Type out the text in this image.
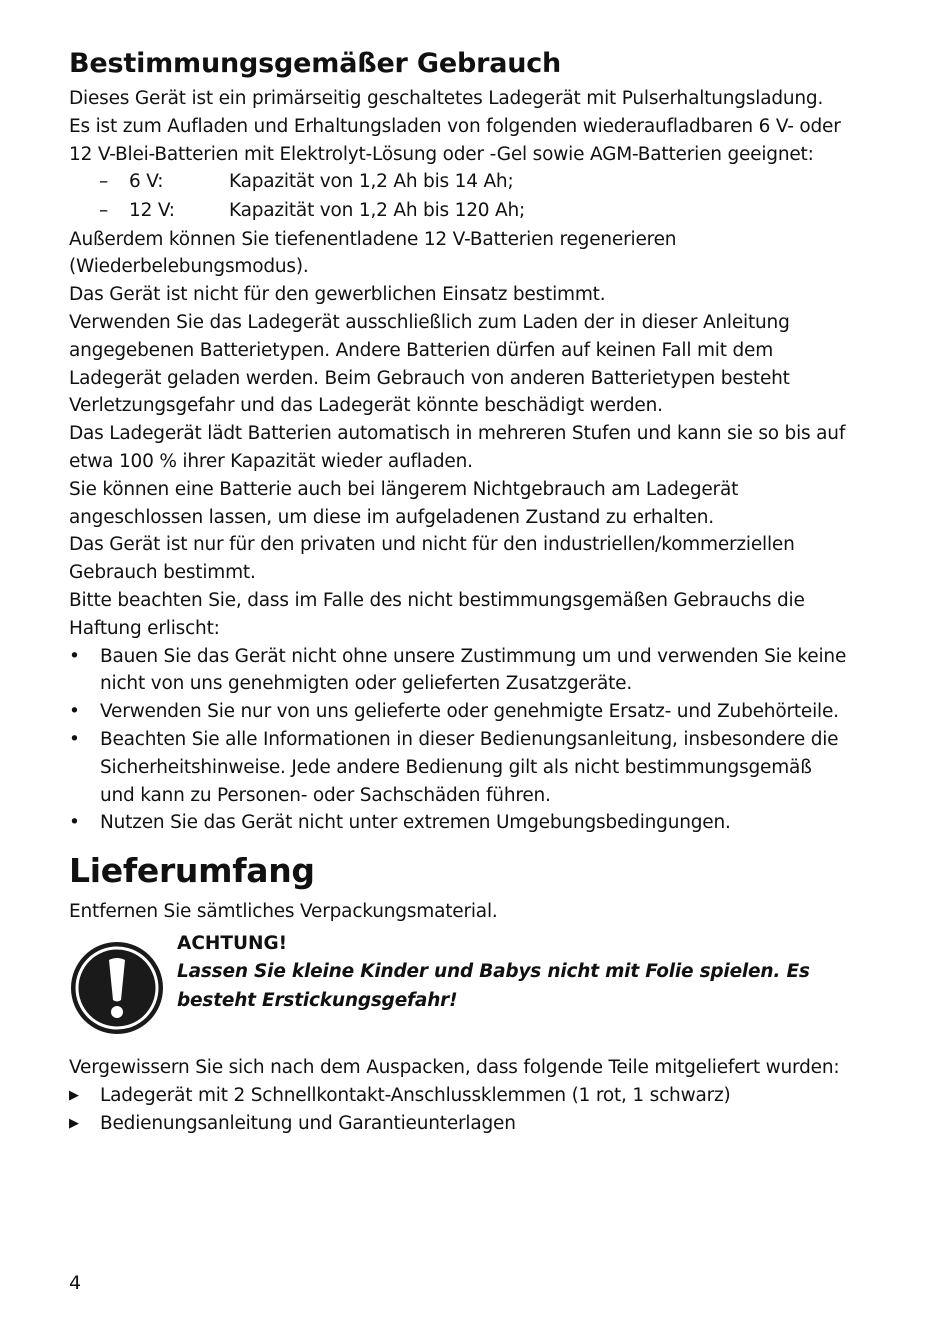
Bestimmungsgemäßer Gebrauch

Dieses Gerät ist ein primärseitig geschaltetes Ladegerät mit Pulserhaltungsladung. Es ist zum Aufladen und Erhaltungsladen von folgenden wiederaufladbaren 6 V- oder 12 V-Blei-Batterien mit Elektrolyt-Lösung oder -Gel sowie AGM-Batterien geeignet:

–	6 V:	Kapazität von 1,2 Ah bis 14 Ah;
–	12 V:	Kapazität von 1,2 Ah bis 120 Ah;

Außerdem können Sie tiefenentladene 12 V-Batterien regenerieren (Wiederbelebungsmodus).

Das Gerät ist nicht für den gewerblichen Einsatz bestimmt.

Verwenden Sie das Ladegerät ausschließlich zum Laden der in dieser Anleitung angegebenen Batterietypen. Andere Batterien dürfen auf keinen Fall mit dem Ladegerät geladen werden. Beim Gebrauch von anderen Batterietypen besteht Verletzungsgefahr und das Ladegerät könnte beschädigt werden.

Das Ladegerät lädt Batterien automatisch in mehreren Stufen und kann sie so bis auf etwa 100 % ihrer Kapazität wieder aufladen.

Sie können eine Batterie auch bei längerem Nichtgebrauch am Ladegerät angeschlossen lassen, um diese im aufgeladenen Zustand zu erhalten.

Das Gerät ist nur für den privaten und nicht für den industriellen/kommerziellen Gebrauch bestimmt.

Bitte beachten Sie, dass im Falle des nicht bestimmungsgemäßen Gebrauchs die Haftung erlischt:

•	Bauen Sie das Gerät nicht ohne unsere Zustimmung um und verwenden Sie keine nicht von uns genehmigten oder gelieferten Zusatzgeräte.
•	Verwenden Sie nur von uns gelieferte oder genehmigte Ersatz- und Zubehörteile.
•	Beachten Sie alle Informationen in dieser Bedienungsanleitung, insbesondere die Sicherheitshinweise. Jede andere Bedienung gilt als nicht bestimmungsgemäß und kann zu Personen- oder Sachschäden führen.
•	Nutzen Sie das Gerät nicht unter extremen Umgebungsbedingungen.
Lieferumfang

Entfernen Sie sämtliches Verpackungsmaterial.

ACHTUNG!
Lassen Sie kleine Kinder und Babys nicht mit Folie spielen. Es besteht Erstickungsgefahr!

Vergewissern Sie sich nach dem Auspacken, dass folgende Teile mitgeliefert wurden:

▶	Ladegerät mit 2 Schnellkontakt-Anschlussklemmen (1 rot, 1 schwarz)
▶	Bedienungsanleitung und Garantieunterlagen
4
